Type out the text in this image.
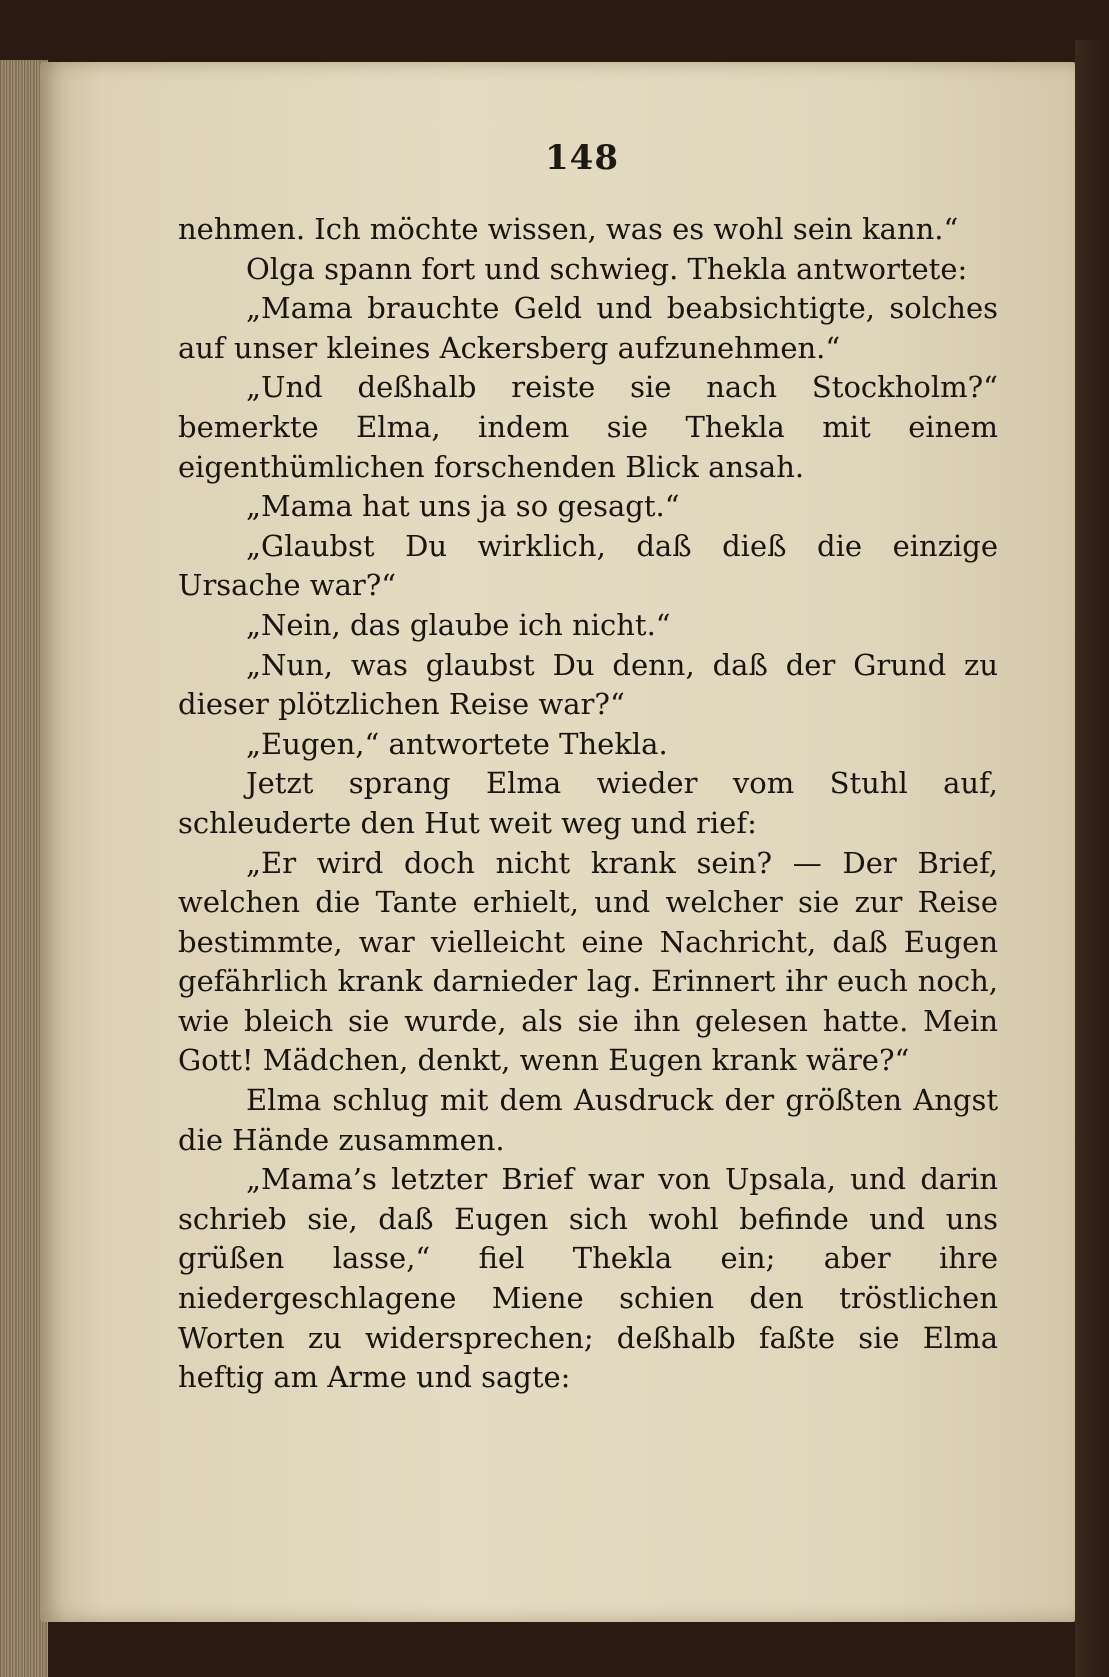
148

nehmen. Ich möchte wissen, was es wohl sein kann.“

Olga spann fort und schwieg. Thekla antwortete:

„Mama brauchte Geld und beabsichtigte, solches auf unser kleines Ackersberg aufzunehmen.“

„Und deßhalb reiste sie nach Stockholm?“ bemerkte Elma, indem sie Thekla mit einem eigenthümlichen forschenden Blick ansah.

„Mama hat uns ja so gesagt.“

„Glaubst Du wirklich, daß dieß die einzige Ursache war?“

„Nein, das glaube ich nicht.“

„Nun, was glaubst Du denn, daß der Grund zu dieser plötzlichen Reise war?“

„Eugen,“ antwortete Thekla.

Jetzt sprang Elma wieder vom Stuhl auf, schleuderte den Hut weit weg und rief:

„Er wird doch nicht krank sein? — Der Brief, welchen die Tante erhielt, und welcher sie zur Reise bestimmte, war vielleicht eine Nachricht, daß Eugen gefährlich krank darnieder lag. Erinnert ihr euch noch, wie bleich sie wurde, als sie ihn gelesen hatte. Mein Gott! Mädchen, denkt, wenn Eugen krank wäre?“

Elma schlug mit dem Ausdruck der größten Angst die Hände zusammen.

„Mama’s letzter Brief war von Upsala, und darin schrieb sie, daß Eugen sich wohl befinde und uns grüßen lasse,“ fiel Thekla ein; aber ihre niedergeschlagene Miene schien den tröstlichen Worten zu widersprechen; deßhalb faßte sie Elma heftig am Arme und sagte:
